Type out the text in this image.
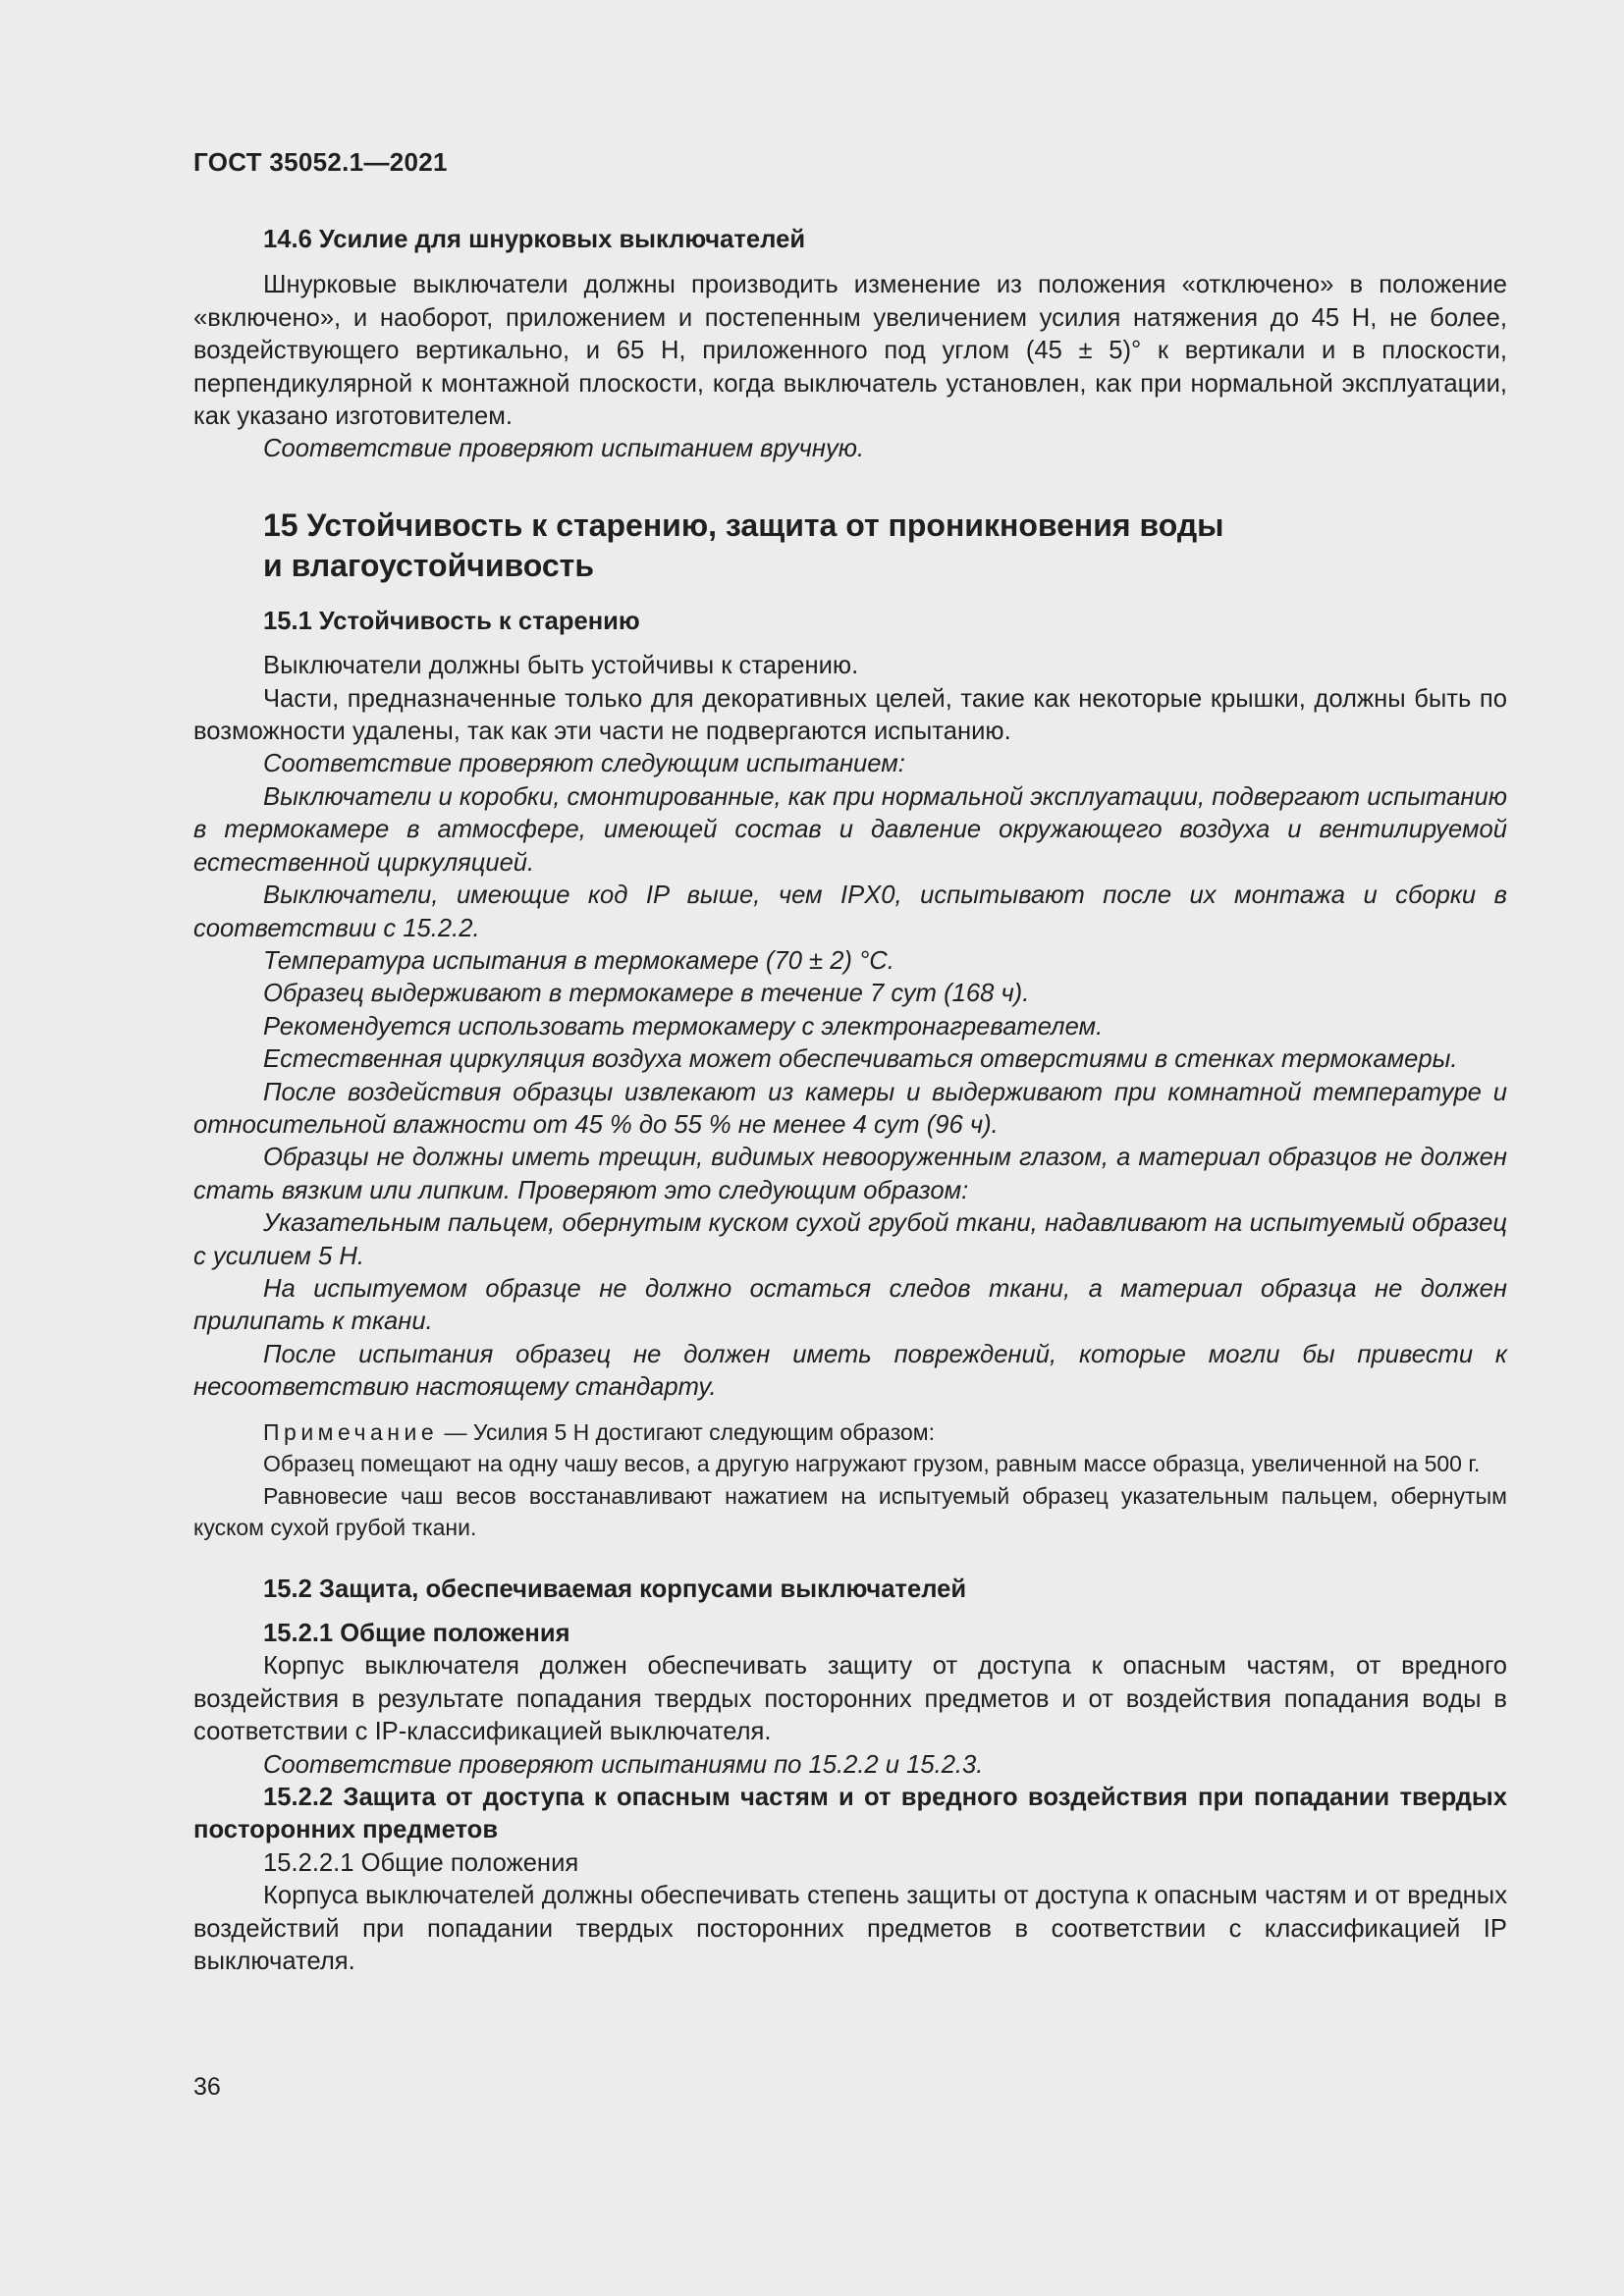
ГОСТ 35052.1—2021

14.6 Усилие для шнурковых выключателей

Шнурковые выключатели должны производить изменение из положения «отключено» в положение «включено», и наоборот, приложением и постепенным увеличением усилия натяжения до 45 Н, не более, воздействующего вертикально, и 65 Н, приложенного под углом (45 ± 5)° к вертикали и в плоскости, перпендикулярной к монтажной плоскости, когда выключатель установлен, как при нормальной эксплуатации, как указано изготовителем.

Соответствие проверяют испытанием вручную.

15 Устойчивость к старению, защита от проникновения воды
и влагоустойчивость

15.1 Устойчивость к старению

Выключатели должны быть устойчивы к старению.

Части, предназначенные только для декоративных целей, такие как некоторые крышки, должны быть по возможности удалены, так как эти части не подвергаются испытанию.

Соответствие проверяют следующим испытанием:

Выключатели и коробки, смонтированные, как при нормальной эксплуатации, подвергают испытанию в термокамере в атмосфере, имеющей состав и давление окружающего воздуха и вентилируемой естественной циркуляцией.

Выключатели, имеющие код IP выше, чем IPX0, испытывают после их монтажа и сборки в соответствии с 15.2.2.

Температура испытания в термокамере (70 ± 2) °C.

Образец выдерживают в термокамере в течение 7 сут (168 ч).

Рекомендуется использовать термокамеру с электронагревателем.

Естественная циркуляция воздуха может обеспечиваться отверстиями в стенках термокамеры.

После воздействия образцы извлекают из камеры и выдерживают при комнатной температуре и относительной влажности от 45 % до 55 % не менее 4 сут (96 ч).

Образцы не должны иметь трещин, видимых невооруженным глазом, а материал образцов не должен стать вязким или липким. Проверяют это следующим образом:

Указательным пальцем, обернутым куском сухой грубой ткани, надавливают на испытуемый образец с усилием 5 Н.

На испытуемом образце не должно остаться следов ткани, а материал образца не должен прилипать к ткани.

После испытания образец не должен иметь повреждений, которые могли бы привести к несоответствию настоящему стандарту.

Примечание — Усилия 5 Н достигают следующим образом:

Образец помещают на одну чашу весов, а другую нагружают грузом, равным массе образца, увеличенной на 500 г.

Равновесие чаш весов восстанавливают нажатием на испытуемый образец указательным пальцем, обернутым куском сухой грубой ткани.

15.2 Защита, обеспечиваемая корпусами выключателей

15.2.1 Общие положения

Корпус выключателя должен обеспечивать защиту от доступа к опасным частям, от вредного воздействия в результате попадания твердых посторонних предметов и от воздействия попадания воды в соответствии с IP-классификацией выключателя.

Соответствие проверяют испытаниями по 15.2.2 и 15.2.3.

15.2.2 Защита от доступа к опасным частям и от вредного воздействия при попадании твердых посторонних предметов

15.2.2.1 Общие положения

Корпуса выключателей должны обеспечивать степень защиты от доступа к опасным частям и от вредных воздействий при попадании твердых посторонних предметов в соответствии с классификацией IP выключателя.

36
